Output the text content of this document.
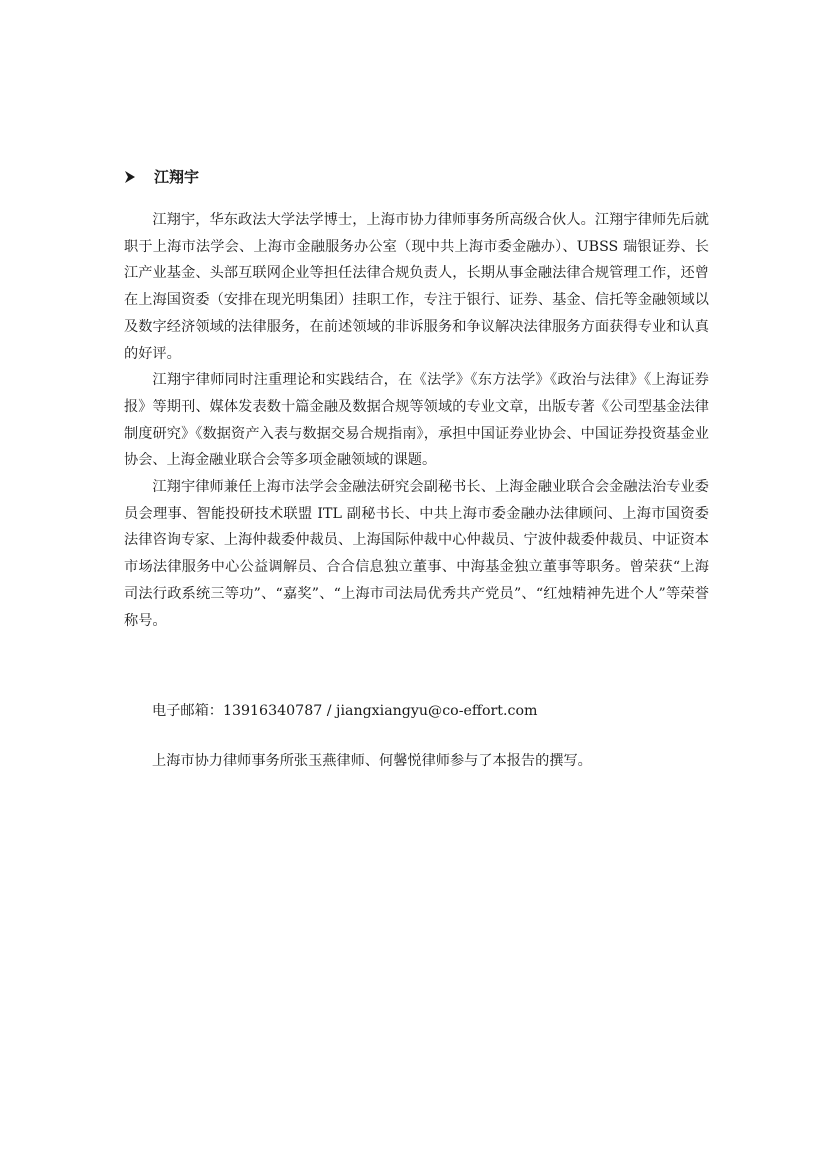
江翔宇

江翔宇，华东政法大学法学博士，上海市协力律师事务所高级合伙人。江翔宇律师先后就职于上海市法学会、上海市金融服务办公室（现中共上海市委金融办）、UBSS 瑞银证券、长江产业基金、头部互联网企业等担任法律合规负责人，长期从事金融法律合规管理工作，还曾在上海国资委（安排在现光明集团）挂职工作，专注于银行、证券、基金、信托等金融领域以及数字经济领域的法律服务，在前述领域的非诉服务和争议解决法律服务方面获得专业和认真的好评。

江翔宇律师同时注重理论和实践结合，在《法学》《东方法学》《政治与法律》《上海证券报》等期刊、媒体发表数十篇金融及数据合规等领域的专业文章，出版专著《公司型基金法律制度研究》《数据资产入表与数据交易合规指南》，承担中国证券业协会、中国证券投资基金业协会、上海金融业联合会等多项金融领域的课题。

江翔宇律师兼任上海市法学会金融法研究会副秘书长、上海金融业联合会金融法治专业委员会理事、智能投研技术联盟 ITL 副秘书长、中共上海市委金融办法律顾问、上海市国资委法律咨询专家、上海仲裁委仲裁员、上海国际仲裁中心仲裁员、宁波仲裁委仲裁员、中证资本市场法律服务中心公益调解员、合合信息独立董事、中海基金独立董事等职务。曾荣获“上海司法行政系统三等功”、“嘉奖”、“上海市司法局优秀共产党员”、“红烛精神先进个人”等荣誉称号。

电子邮箱：13916340787 / jiangxiangyu@co-effort.com
上海市协力律师事务所张玉燕律师、何馨悦律师参与了本报告的撰写。
